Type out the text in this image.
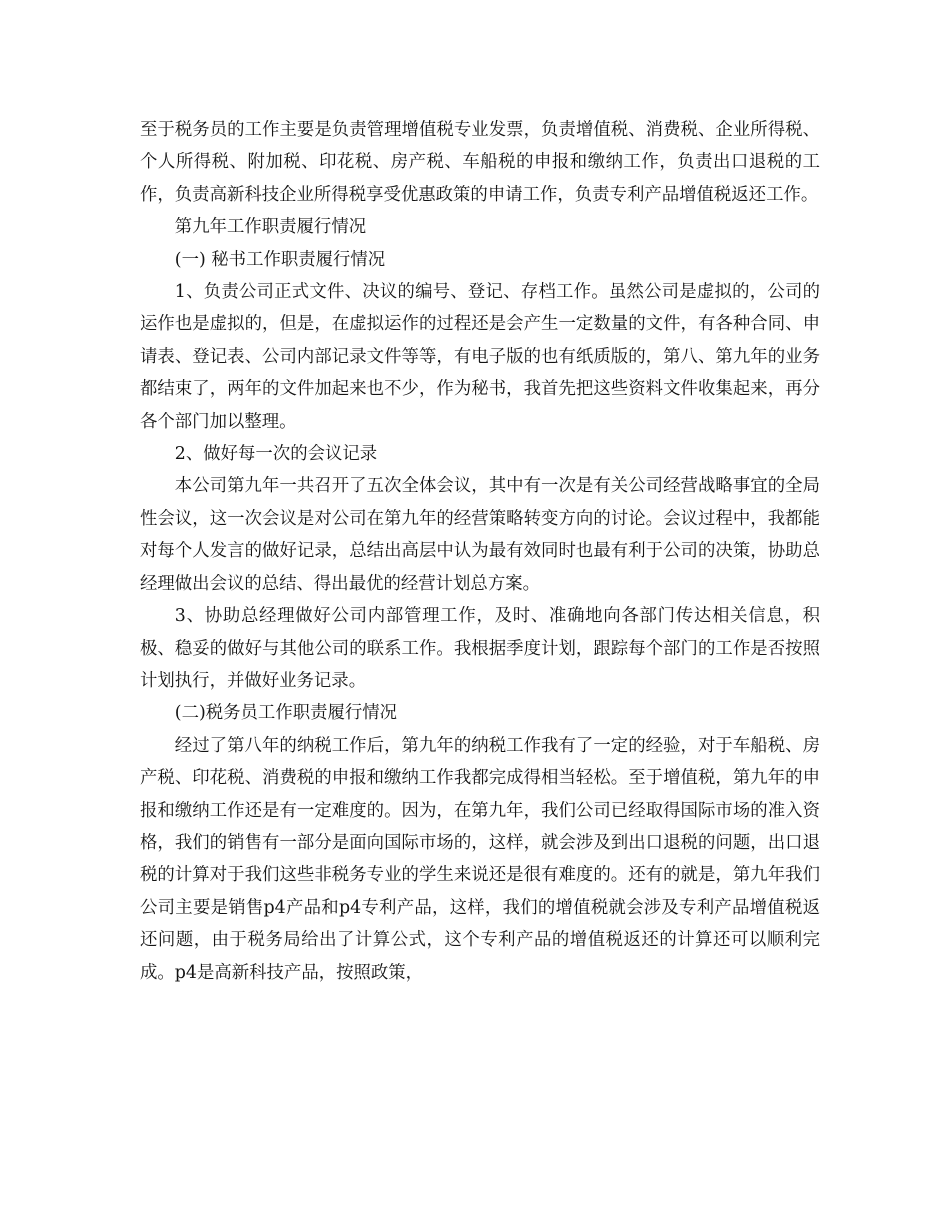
至于税务员的工作主要是负责管理增值税专业发票，负责增值税、消费税、企业所得税、个人所得税、附加税、印花税、房产税、车船税的申报和缴纳工作，负责出口退税的工作，负责高新科技企业所得税享受优惠政策的申请工作，负责专利产品增值税返还工作。

第九年工作职责履行情况

(一) 秘书工作职责履行情况

1、负责公司正式文件、决议的编号、登记、存档工作。虽然公司是虚拟的，公司的运作也是虚拟的，但是，在虚拟运作的过程还是会产生一定数量的文件，有各种合同、申请表、登记表、公司内部记录文件等等，有电子版的也有纸质版的，第八、第九年的业务都结束了，两年的文件加起来也不少，作为秘书，我首先把这些资料文件收集起来，再分各个部门加以整理。

2、做好每一次的会议记录

本公司第九年一共召开了五次全体会议，其中有一次是有关公司经营战略事宜的全局性会议，这一次会议是对公司在第九年的经营策略转变方向的讨论。会议过程中，我都能对每个人发言的做好记录，总结出高层中认为最有效同时也最有利于公司的决策，协助总经理做出会议的总结、得出最优的经营计划总方案。

3、协助总经理做好公司内部管理工作，及时、准确地向各部门传达相关信息，积极、稳妥的做好与其他公司的联系工作。我根据季度计划，跟踪每个部门的工作是否按照计划执行，并做好业务记录。

(二)税务员工作职责履行情况

经过了第八年的纳税工作后，第九年的纳税工作我有了一定的经验，对于车船税、房产税、印花税、消费税的申报和缴纳工作我都完成得相当轻松。至于增值税，第九年的申报和缴纳工作还是有一定难度的。因为，在第九年，我们公司已经取得国际市场的准入资格，我们的销售有一部分是面向国际市场的，这样，就会涉及到出口退税的问题，出口退税的计算对于我们这些非税务专业的学生来说还是很有难度的。还有的就是，第九年我们公司主要是销售p4产品和p4专利产品，这样，我们的增值税就会涉及专利产品增值税返还问题，由于税务局给出了计算公式，这个专利产品的增值税返还的计算还可以顺利完成。p4是高新科技产品，按照政策，
